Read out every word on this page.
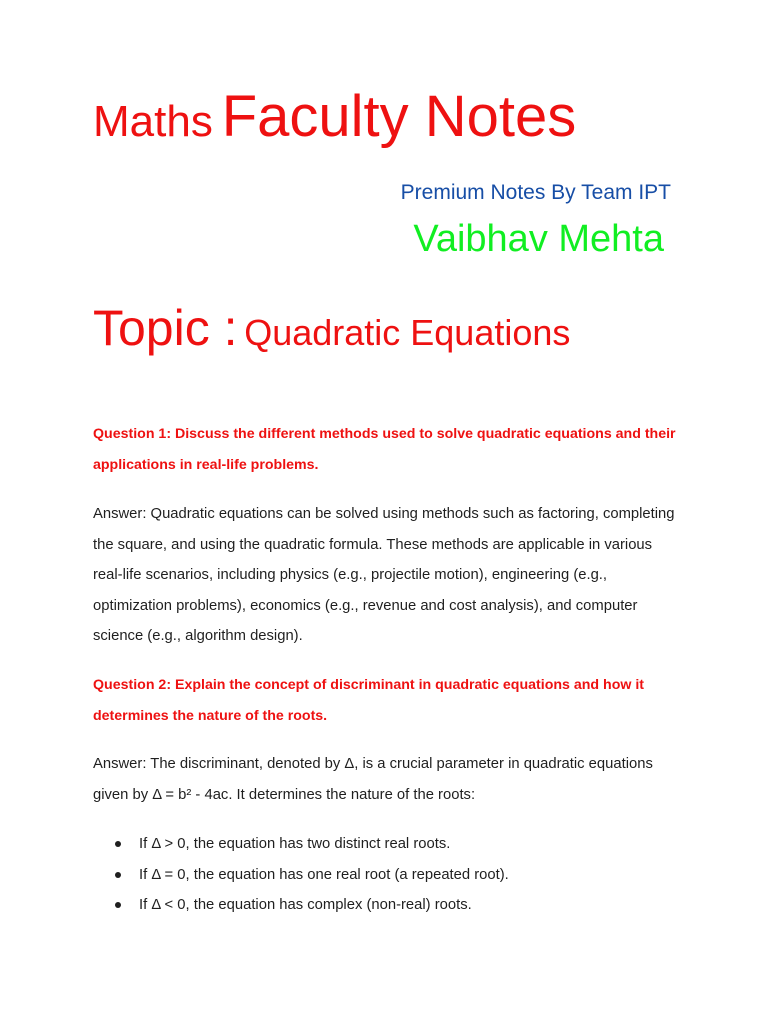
Maths Faculty Notes
Premium Notes By Team IPT
Vaibhav Mehta
Topic : Quadratic Equations

Question 1: Discuss the different methods used to solve quadratic equations and their applications in real-life problems.

Answer: Quadratic equations can be solved using methods such as factoring, completing the square, and using the quadratic formula. These methods are applicable in various real-life scenarios, including physics (e.g., projectile motion), engineering (e.g., optimization problems), economics (e.g., revenue and cost analysis), and computer science (e.g., algorithm design).

Question 2: Explain the concept of discriminant in quadratic equations and how it determines the nature of the roots.

Answer: The discriminant, denoted by Δ, is a crucial parameter in quadratic equations given by Δ = b² - 4ac. It determines the nature of the roots:

If Δ > 0, the equation has two distinct real roots.
If Δ = 0, the equation has one real root (a repeated root).
If Δ < 0, the equation has complex (non-real) roots.
